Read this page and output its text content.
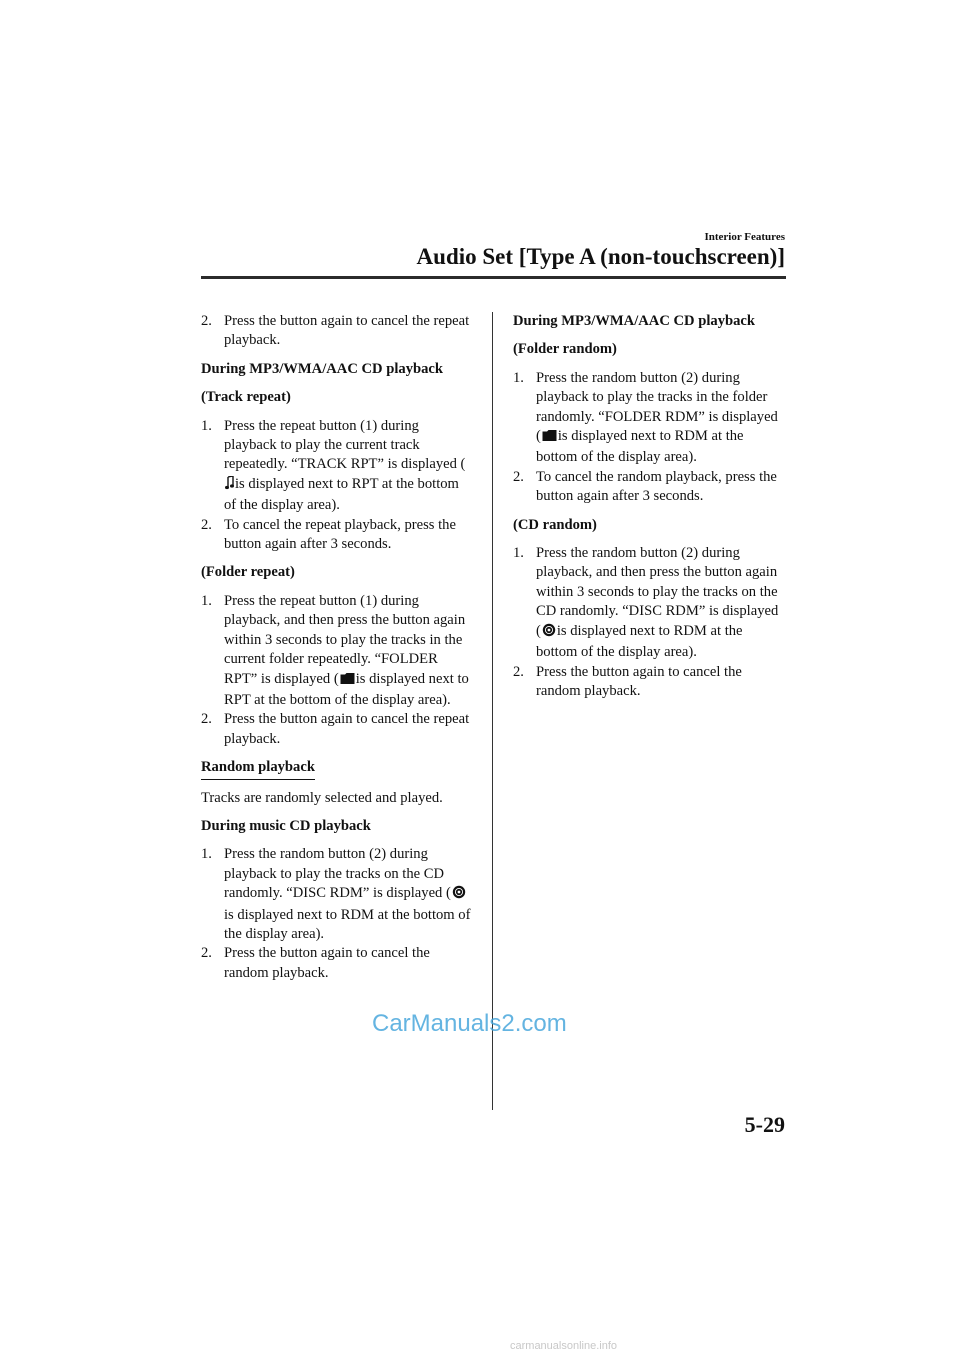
Interior Features
Audio Set [Type A (non-touchscreen)]
2. Press the button again to cancel the repeat playback.

During MP3/WMA/AAC CD playback

(Track repeat)

1. Press the repeat button (1) during playback to play the current track repeatedly. “TRACK RPT” is displayed (is displayed next to RPT at the bottom of the display area).
2. To cancel the repeat playback, press the button again after 3 seconds.

(Folder repeat)

1. Press the repeat button (1) during playback, and then press the button again within 3 seconds to play the tracks in the current folder repeatedly. “FOLDER RPT” is displayed ( is displayed next to RPT at the bottom of the display area).
2. Press the button again to cancel the repeat playback.

Random playback

Tracks are randomly selected and played.

During music CD playback

1. Press the random button (2) during playback to play the tracks on the CD randomly. “DISC RDM” is displayed (is displayed next to RDM at the bottom of the display area).
2. Press the button again to cancel the random playback.

During MP3/WMA/AAC CD playback

(Folder random)

1. Press the random button (2) during playback to play the tracks in the folder randomly. “FOLDER RDM” is displayed ( is displayed next to RDM at the bottom of the display area).
2. To cancel the random playback, press the button again after 3 seconds.

(CD random)

1. Press the random button (2) during playback, and then press the button again within 3 seconds to play the tracks on the CD randomly. “DISC RDM” is displayed ( is displayed next to RDM at the bottom of the display area).
2. Press the button again to cancel the random playback.
CarManuals2.com
5-29
carmanualsonline.info
